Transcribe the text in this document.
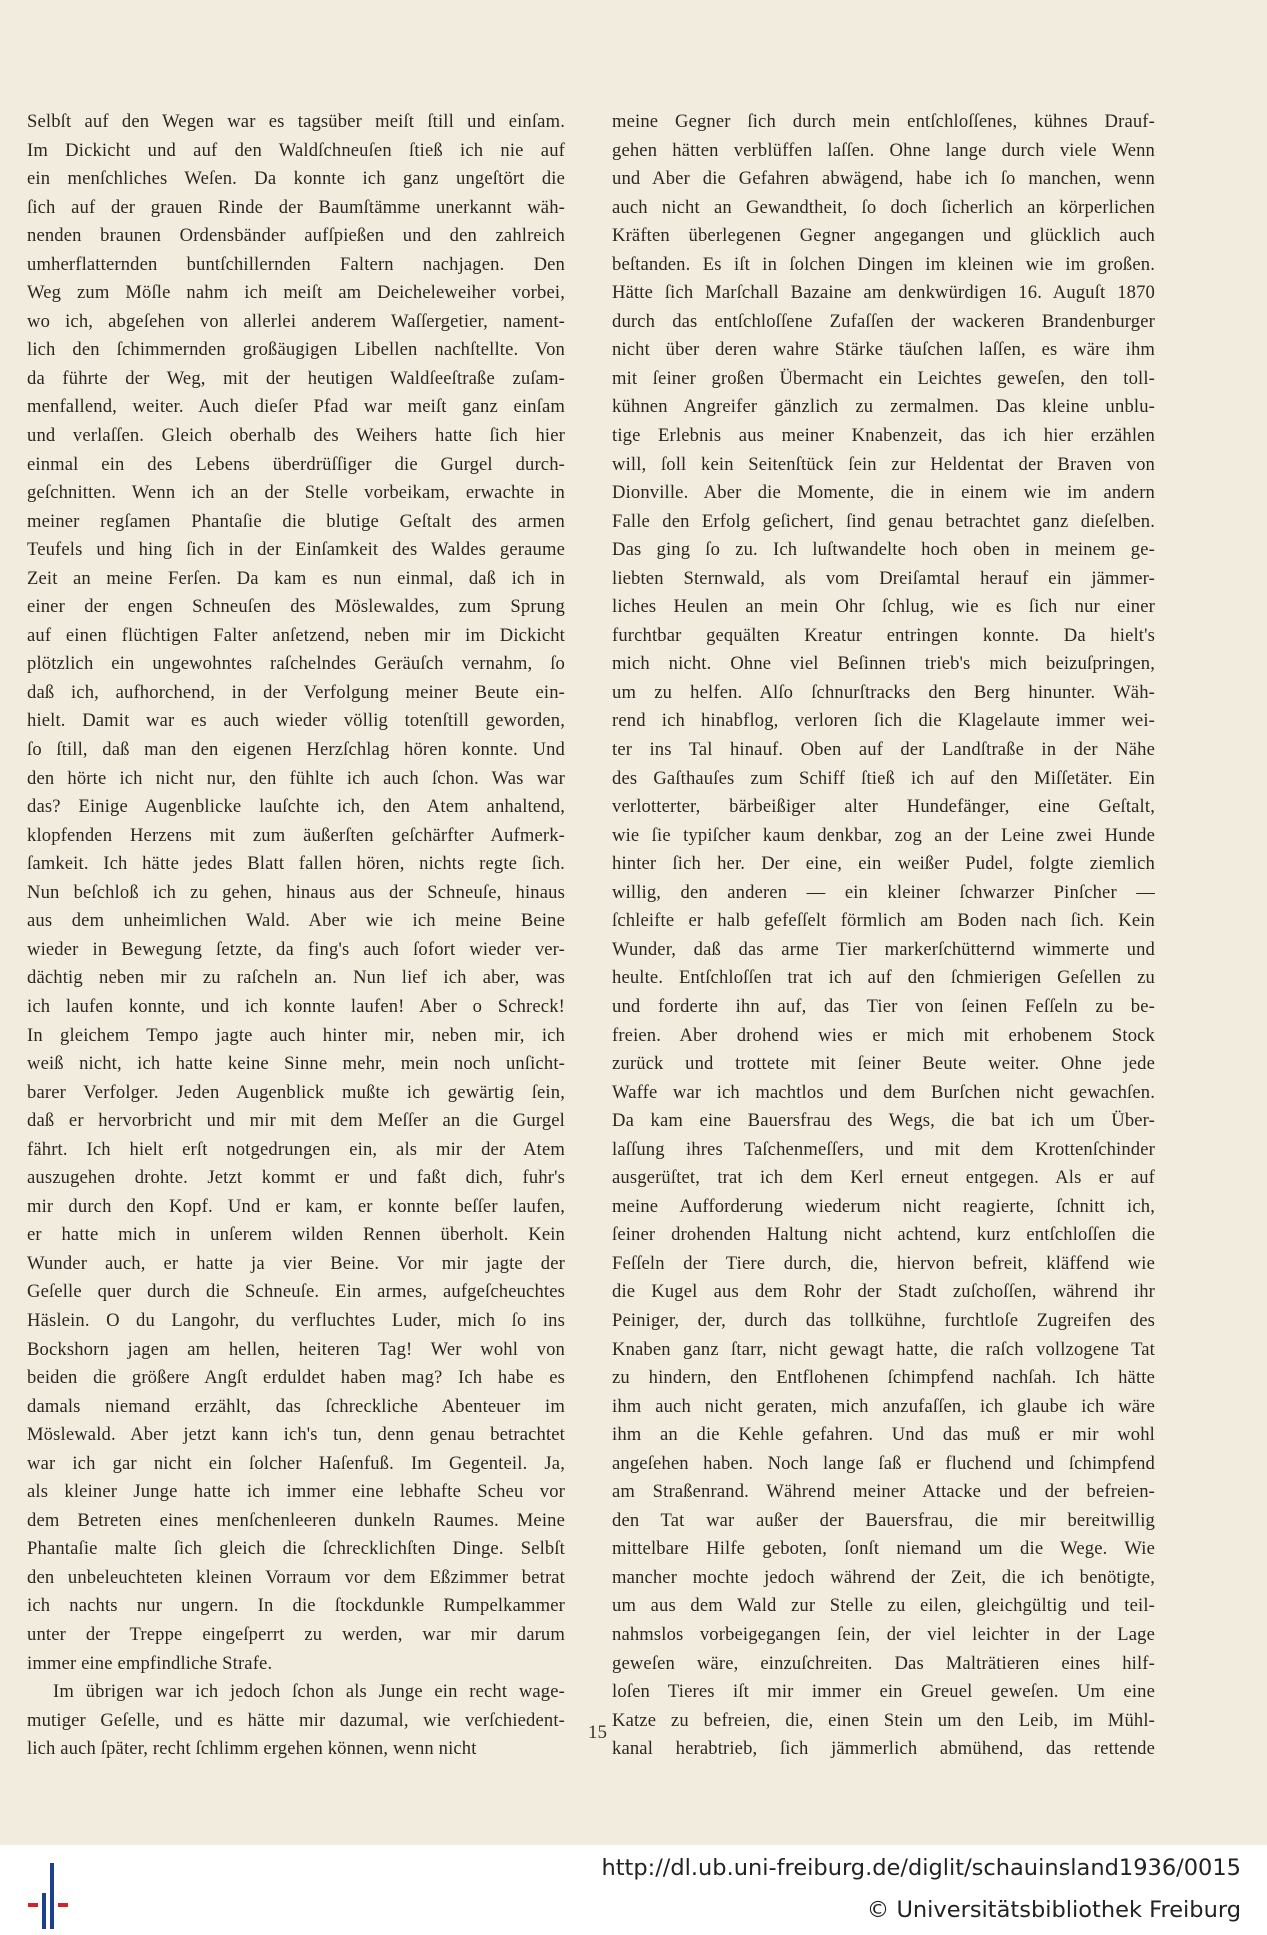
Selbſt auf den Wegen war es tagsüber meiſt ſtill und einſam.
Im Dickicht und auf den Waldſchneuſen ſtieß ich nie auf
ein menſchliches Weſen. Da konnte ich ganz ungeſtört die
ſich auf der grauen Rinde der Baumſtämme unerkannt wäh-
nenden braunen Ordensbänder aufſpießen und den zahlreich
umherflatternden buntſchillernden Faltern nachjagen. Den
Weg zum Möſle nahm ich meiſt am Deicheleweiher vorbei,
wo ich, abgeſehen von allerlei anderem Waſſergetier, nament-
lich den ſchimmernden großäugigen Libellen nachſtellte. Von
da führte der Weg, mit der heutigen Waldſeeſtraße zuſam-
menfallend, weiter. Auch dieſer Pfad war meiſt ganz einſam
und verlaſſen. Gleich oberhalb des Weihers hatte ſich hier
einmal ein des Lebens überdrüſſiger die Gurgel durch-
geſchnitten. Wenn ich an der Stelle vorbeikam, erwachte in
meiner regſamen Phantaſie die blutige Geſtalt des armen
Teufels und hing ſich in der Einſamkeit des Waldes geraume
Zeit an meine Ferſen. Da kam es nun einmal, daß ich in
einer der engen Schneuſen des Möslewaldes, zum Sprung
auf einen flüchtigen Falter anſetzend, neben mir im Dickicht
plötzlich ein ungewohntes raſchelndes Geräuſch vernahm, ſo
daß ich, aufhorchend, in der Verfolgung meiner Beute ein-
hielt. Damit war es auch wieder völlig totenſtill geworden,
ſo ſtill, daß man den eigenen Herzſchlag hören konnte. Und
den hörte ich nicht nur, den fühlte ich auch ſchon. Was war
das? Einige Augenblicke lauſchte ich, den Atem anhaltend,
klopfenden Herzens mit zum äußerſten geſchärfter Aufmerk-
ſamkeit. Ich hätte jedes Blatt fallen hören, nichts regte ſich.
Nun beſchloß ich zu gehen, hinaus aus der Schneuſe, hinaus
aus dem unheimlichen Wald. Aber wie ich meine Beine
wieder in Bewegung ſetzte, da fing's auch ſofort wieder ver-
dächtig neben mir zu raſcheln an. Nun lief ich aber, was
ich laufen konnte, und ich konnte laufen! Aber o Schreck!
In gleichem Tempo jagte auch hinter mir, neben mir, ich
weiß nicht, ich hatte keine Sinne mehr, mein noch unſicht-
barer Verfolger. Jeden Augenblick mußte ich gewärtig ſein,
daß er hervorbricht und mir mit dem Meſſer an die Gurgel
fährt. Ich hielt erſt notgedrungen ein, als mir der Atem
auszugehen drohte. Jetzt kommt er und faßt dich, fuhr's
mir durch den Kopf. Und er kam, er konnte beſſer laufen,
er hatte mich in unſerem wilden Rennen überholt. Kein
Wunder auch, er hatte ja vier Beine. Vor mir jagte der
Geſelle quer durch die Schneuſe. Ein armes, aufgeſcheuchtes
Häslein. O du Langohr, du verfluchtes Luder, mich ſo ins
Bockshorn jagen am hellen, heiteren Tag! Wer wohl von
beiden die größere Angſt erduldet haben mag? Ich habe es
damals niemand erzählt, das ſchreckliche Abenteuer im
Möslewald. Aber jetzt kann ich's tun, denn genau betrachtet
war ich gar nicht ein ſolcher Haſenfuß. Im Gegenteil. Ja,
als kleiner Junge hatte ich immer eine lebhafte Scheu vor
dem Betreten eines menſchenleeren dunkeln Raumes. Meine
Phantaſie malte ſich gleich die ſchrecklichſten Dinge. Selbſt
den unbeleuchteten kleinen Vorraum vor dem Eßzimmer betrat
ich nachts nur ungern. In die ſtockdunkle Rumpelkammer
unter der Treppe eingeſperrt zu werden, war mir darum
immer eine empfindliche Strafe.
Im übrigen war ich jedoch ſchon als Junge ein recht wage-
mutiger Geſelle, und es hätte mir dazumal, wie verſchiedent-
lich auch ſpäter, recht ſchlimm ergehen können, wenn nicht
meine Gegner ſich durch mein entſchloſſenes, kühnes Drauf-
gehen hätten verblüffen laſſen. Ohne lange durch viele Wenn
und Aber die Gefahren abwägend, habe ich ſo manchen, wenn
auch nicht an Gewandtheit, ſo doch ſicherlich an körperlichen
Kräften überlegenen Gegner angegangen und glücklich auch
beſtanden. Es iſt in ſolchen Dingen im kleinen wie im großen.
Hätte ſich Marſchall Bazaine am denkwürdigen 16. Auguſt 1870
durch das entſchloſſene Zufaſſen der wackeren Brandenburger
nicht über deren wahre Stärke täuſchen laſſen, es wäre ihm
mit ſeiner großen Übermacht ein Leichtes geweſen, den toll-
kühnen Angreifer gänzlich zu zermalmen. Das kleine unblu-
tige Erlebnis aus meiner Knabenzeit, das ich hier erzählen
will, ſoll kein Seitenſtück ſein zur Heldentat der Braven von
Dionville. Aber die Momente, die in einem wie im andern
Falle den Erfolg geſichert, ſind genau betrachtet ganz dieſelben.
Das ging ſo zu. Ich luſtwandelte hoch oben in meinem ge-
liebten Sternwald, als vom Dreiſamtal herauf ein jämmer-
liches Heulen an mein Ohr ſchlug, wie es ſich nur einer
furchtbar gequälten Kreatur entringen konnte. Da hielt's
mich nicht. Ohne viel Beſinnen trieb's mich beizuſpringen,
um zu helfen. Alſo ſchnurſtracks den Berg hinunter. Wäh-
rend ich hinabflog, verloren ſich die Klagelaute immer wei-
ter ins Tal hinauf. Oben auf der Landſtraße in der Nähe
des Gaſthauſes zum Schiff ſtieß ich auf den Miſſetäter. Ein
verlotterter, bärbeißiger alter Hundefänger, eine Geſtalt,
wie ſie typiſcher kaum denkbar, zog an der Leine zwei Hunde
hinter ſich her. Der eine, ein weißer Pudel, folgte ziemlich
willig, den anderen — ein kleiner ſchwarzer Pinſcher —
ſchleifte er halb gefeſſelt förmlich am Boden nach ſich. Kein
Wunder, daß das arme Tier markerſchütternd wimmerte und
heulte. Entſchloſſen trat ich auf den ſchmierigen Geſellen zu
und forderte ihn auf, das Tier von ſeinen Feſſeln zu be-
freien. Aber drohend wies er mich mit erhobenem Stock
zurück und trottete mit ſeiner Beute weiter. Ohne jede
Waffe war ich machtlos und dem Burſchen nicht gewachſen.
Da kam eine Bauersfrau des Wegs, die bat ich um Über-
laſſung ihres Taſchenmeſſers, und mit dem Krottenſchinder
ausgerüſtet, trat ich dem Kerl erneut entgegen. Als er auf
meine Aufforderung wiederum nicht reagierte, ſchnitt ich,
ſeiner drohenden Haltung nicht achtend, kurz entſchloſſen die
Feſſeln der Tiere durch, die, hiervon befreit, kläffend wie
die Kugel aus dem Rohr der Stadt zuſchoſſen, während ihr
Peiniger, der, durch das tollkühne, furchtloſe Zugreifen des
Knaben ganz ſtarr, nicht gewagt hatte, die raſch vollzogene Tat
zu hindern, den Entflohenen ſchimpfend nachſah. Ich hätte
ihm auch nicht geraten, mich anzufaſſen, ich glaube ich wäre
ihm an die Kehle gefahren. Und das muß er mir wohl
angeſehen haben. Noch lange ſaß er fluchend und ſchimpfend
am Straßenrand. Während meiner Attacke und der befreien-
den Tat war außer der Bauersfrau, die mir bereitwillig
mittelbare Hilfe geboten, ſonſt niemand um die Wege. Wie
mancher mochte jedoch während der Zeit, die ich benötigte,
um aus dem Wald zur Stelle zu eilen, gleichgültig und teil-
nahmslos vorbeigegangen ſein, der viel leichter in der Lage
geweſen wäre, einzuſchreiten. Das Malträtieren eines hilf-
loſen Tieres iſt mir immer ein Greuel geweſen. Um eine
Katze zu befreien, die, einen Stein um den Leib, im Mühl-
kanal herabtrieb, ſich jämmerlich abmühend, das rettende
15
http://dl.ub.uni-freiburg.de/diglit/schauinsland1936/0015
© Universitätsbibliothek Freiburg
